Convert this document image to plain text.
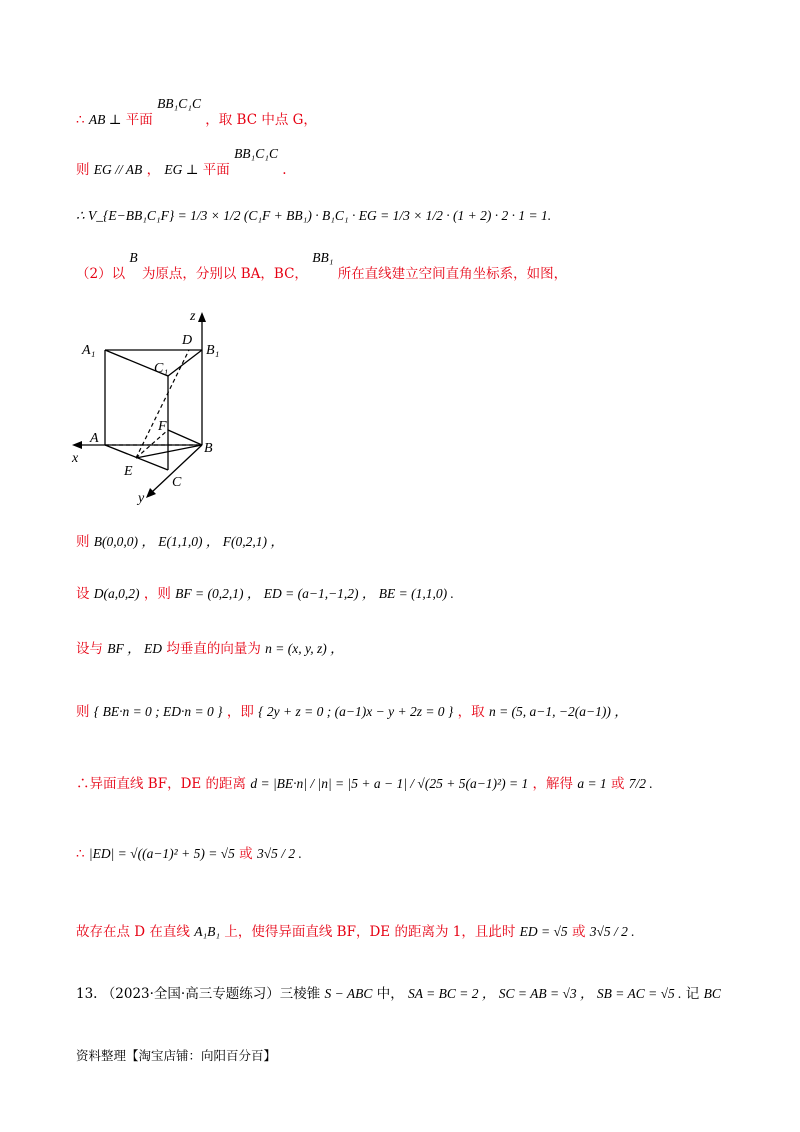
∴ AB ⊥ 平面 BB₁C₁C ，取 BC 中点 G，
则 EG // AB ， EG ⊥ 平面 BB₁C₁C .
∴ V_{E−BB₁C₁F} = 1/3 × 1/2 (C₁F + BB₁) · B₁C₁ · EG = 1/3 × 1/2 · (1 + 2) · 2 · 1 = 1.
（2）以 B 为原点，分别以 BA，BC， BB₁ 所在直线建立空间直角坐标系，如图，
A₁
D
B₁
C₁
z
A
x
F
B
E
C
y
则 B(0,0,0) ， E(1,1,0) ， F(0,2,1) ，
设 D(a,0,2) ，则 BF = (0,2,1) ， ED = (a−1,−1,2) ， BE = (1,1,0) .
设与 BF ， ED 均垂直的向量为 n = (x, y, z) ，
则 { BE·n = 0 ; ED·n = 0 } ，即 { 2y + z = 0 ; (a−1)x − y + 2z = 0 } ，取 n = (5, a−1, −2(a−1)) ，
∴异面直线 BF，DE 的距离 d = |BE·n| / |n| = |5 + a − 1| / √(25 + 5(a−1)²) = 1 ，解得 a = 1 或 7/2 .
∴ |ED| = √((a−1)² + 5) = √5 或 3√5 / 2 .
故存在点 D 在直线 A₁B₁ 上，使得异面直线 BF，DE 的距离为 1，且此时 ED = √5 或 3√5 / 2 .
13. （2023·全国·高三专题练习）三棱锥 S − ABC 中， SA = BC = 2 ， SC = AB = √3 ， SB = AC = √5 . 记 BC
资料整理【淘宝店铺：向阳百分百】
